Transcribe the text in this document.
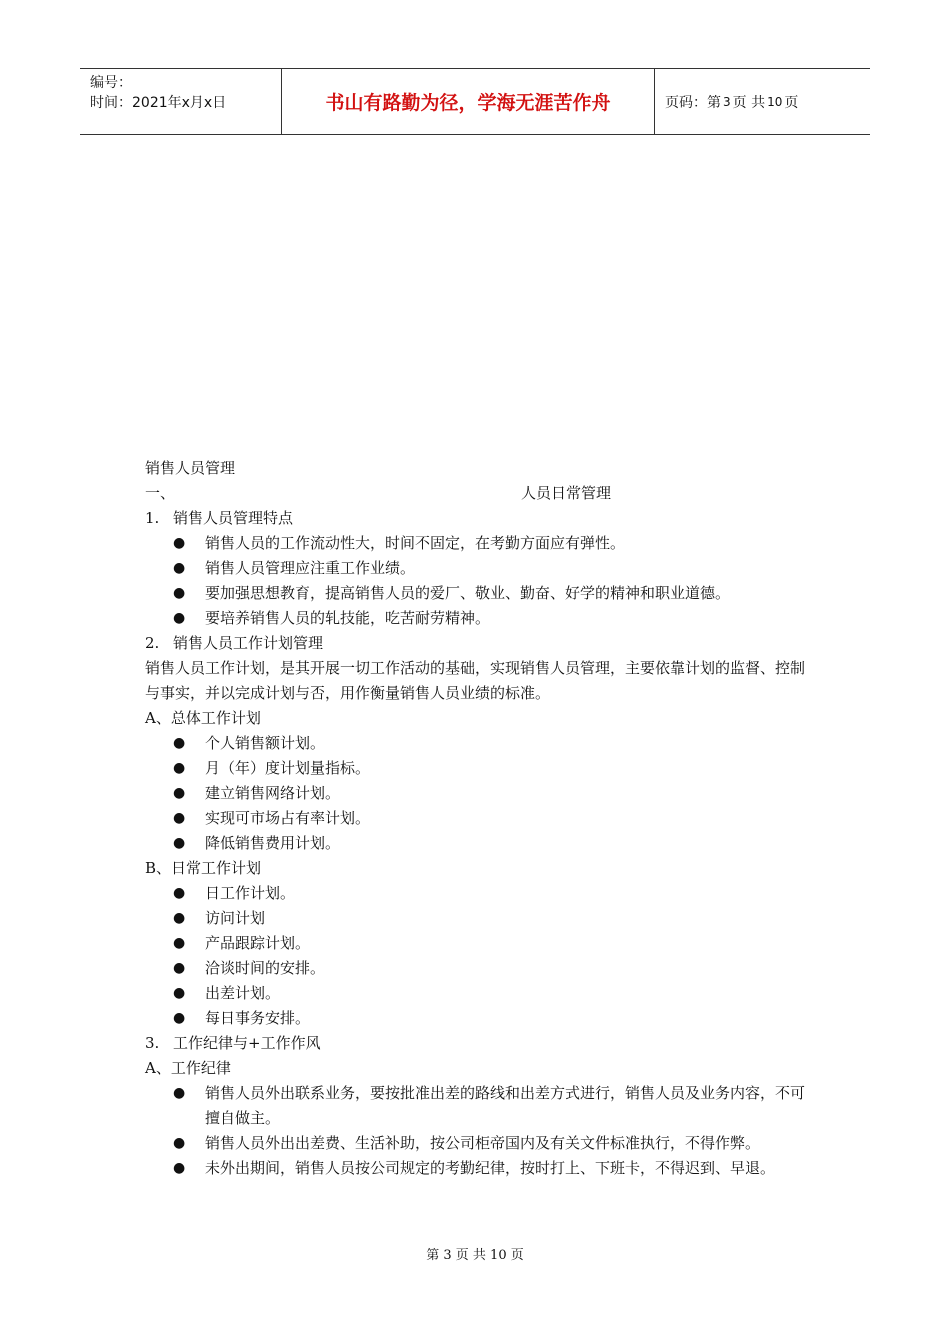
编号：
时间：2021年x月x日	书山有路勤为径，学海无涯苦作舟	页码：第 3 页 共 10 页

销售人员管理

一、	人员日常管理
1. 销售人员管理特点
●	销售人员的工作流动性大，时间不固定，在考勤方面应有弹性。
●	销售人员管理应注重工作业绩。
●	要加强思想教育，提高销售人员的爱厂、敬业、勤奋、好学的精神和职业道德。
●	要培养销售人员的轧技能，吃苦耐劳精神。
2. 销售人员工作计划管理

销售人员工作计划，是其开展一切工作活动的基础，实现销售人员管理，主要依靠计划的监督、控制与事实，并以完成计划与否，用作衡量销售人员业绩的标准。

A、总体工作计划

●	个人销售额计划。
●	月（年）度计划量指标。
●	建立销售网络计划。
●	实现可市场占有率计划。
●	降低销售费用计划。

B、日常工作计划

●	日工作计划。
●	访问计划
●	产品跟踪计划。
●	洽谈时间的安排。
●	出差计划。
●	每日事务安排。
3. 工作纪律与+工作作风

A、工作纪律

●	销售人员外出联系业务，要按批准出差的路线和出差方式进行，销售人员及业务内容，不可擅自做主。
●	销售人员外出出差费、生活补助，按公司柜帝国内及有关文件标准执行，不得作弊。
●	未外出期间，销售人员按公司规定的考勤纪律，按时打上、下班卡，不得迟到、早退。
第 3 页 共 10 页
